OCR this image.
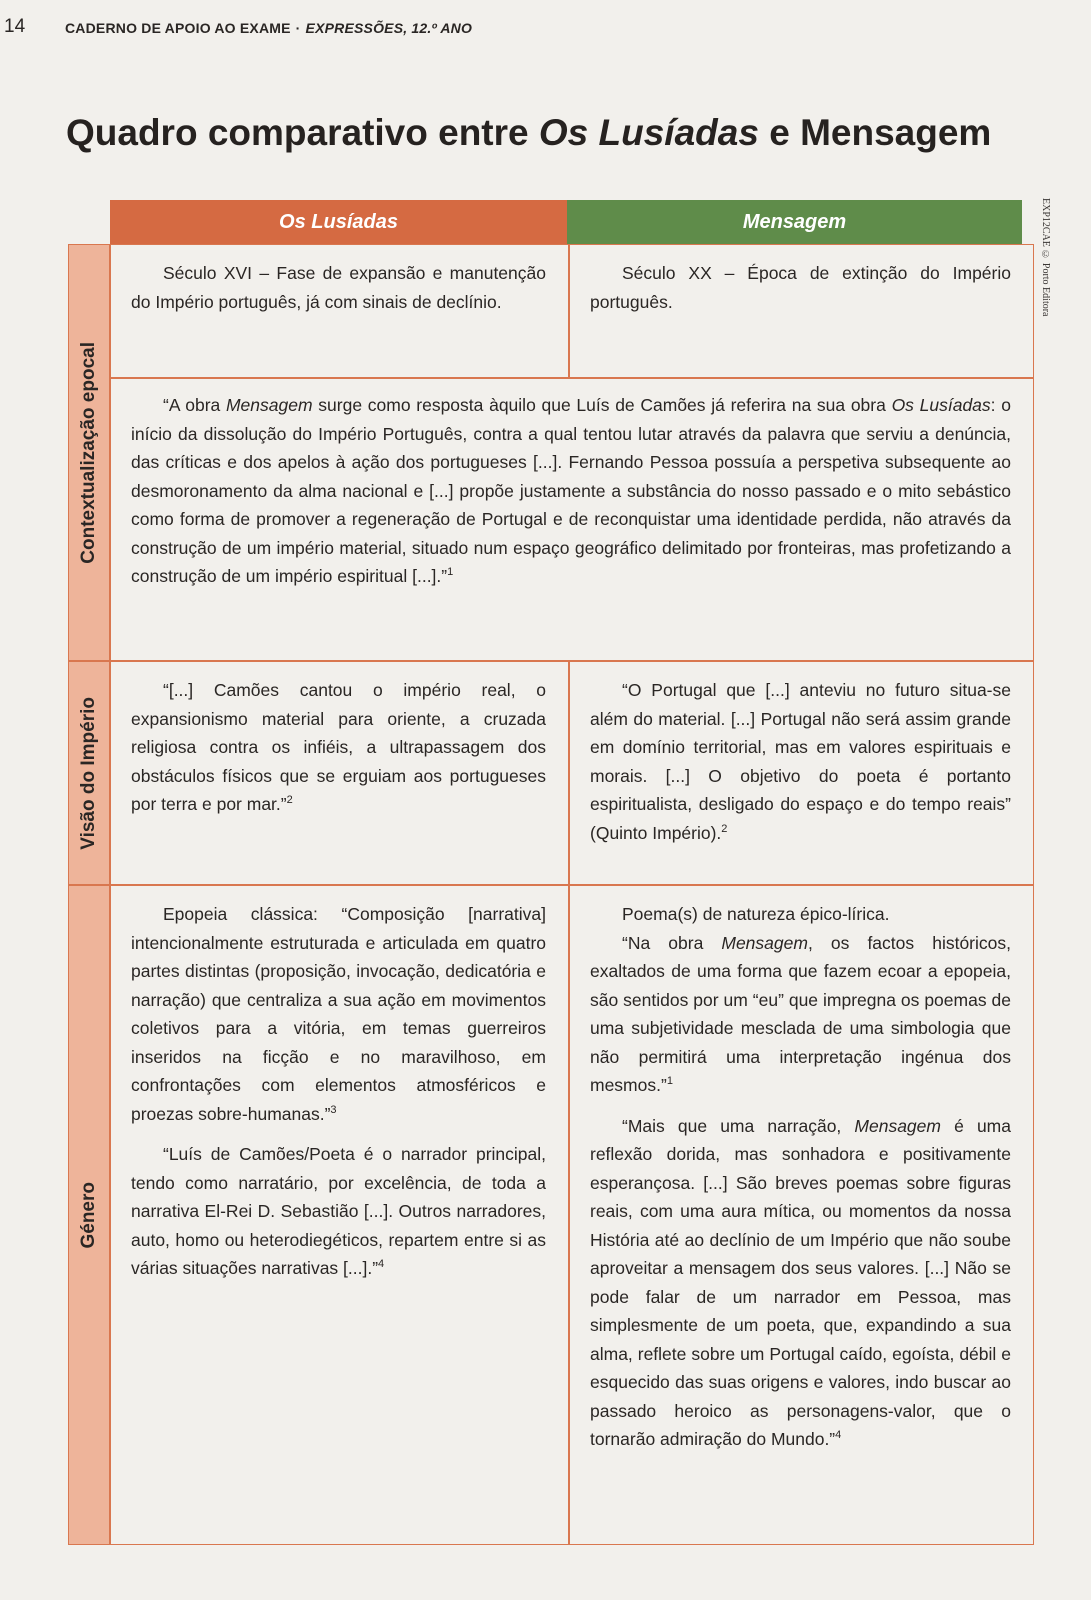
14	CADERNO DE APOIO AO EXAME · EXPRESSÕES, 12.º ANO
EXP12CAE © Porto Editora
Quadro comparativo entre Os Lusíadas e Mensagem
Os Lusíadas	Mensagem
Contextualização epocal

Século XVI – Fase de expansão e manutenção do Império português, já com sinais de declínio.

Século XX – Época de extinção do Império português.

“A obra Mensagem surge como resposta àquilo que Luís de Camões já referira na sua obra Os Lusíadas: o início da dissolução do Império Português, contra a qual tentou lutar através da palavra que serviu a denúncia, das críticas e dos apelos à ação dos portugueses [...]. Fernando Pessoa possuía a perspetiva subsequente ao desmoronamento da alma nacional e [...] propõe justamente a substância do nosso passado e o mito sebástico como forma de promover a regeneração de Portugal e de reconquistar uma identidade perdida, não através da construção de um império material, situado num espaço geográfico delimitado por fronteiras, mas profetizando a construção de um império espiritual [...].”$^1$

Visão do Império

“[...] Camões cantou o império real, o expansionismo material para oriente, a cruzada religiosa contra os infiéis, a ultrapassagem dos obstáculos físicos que se erguiam aos portugueses por terra e por mar.”$^2$

“O Portugal que [...] anteviu no futuro situa-se além do material. [...] Portugal não será assim grande em domínio territorial, mas em valores espirituais e morais. [...] O objetivo do poeta é portanto espiritualista, desligado do espaço e do tempo reais” (Quinto Império).$^2$

Género

Epopeia clássica: “Composição [narrativa] intencionalmente estruturada e articulada em quatro partes distintas (proposição, invocação, dedicatória e narração) que centraliza a sua ação em movimentos coletivos para a vitória, em temas guerreiros inseridos na ficção e no maravilhoso, em confrontações com elementos atmosféricos e proezas sobre-humanas.”$^3$

“Luís de Camões/Poeta é o narrador principal, tendo como narratário, por excelência, de toda a narrativa El-Rei D. Sebastião [...]. Outros narradores, auto, homo ou heterodiegéticos, repartem entre si as várias situações narrativas [...].”$^4$

Poema(s) de natureza épico-lírica.

“Na obra Mensagem, os factos históricos, exaltados de uma forma que fazem ecoar a epopeia, são sentidos por um “eu” que impregna os poemas de uma subjetividade mesclada de uma simbologia que não permitirá uma interpretação ingénua dos mesmos.”$^1$

“Mais que uma narração, Mensagem é uma reflexão dorida, mas sonhadora e positivamente esperançosa. [...] São breves poemas sobre figuras reais, com uma aura mítica, ou momentos da nossa História até ao declínio de um Império que não soube aproveitar a mensagem dos seus valores. [...] Não se pode falar de um narrador em Pessoa, mas simplesmente de um poeta, que, expandindo a sua alma, reflete sobre um Portugal caído, egoísta, débil e esquecido das suas origens e valores, indo buscar ao passado heroico as personagens-valor, que o tornarão admiração do Mundo.”$^4$
